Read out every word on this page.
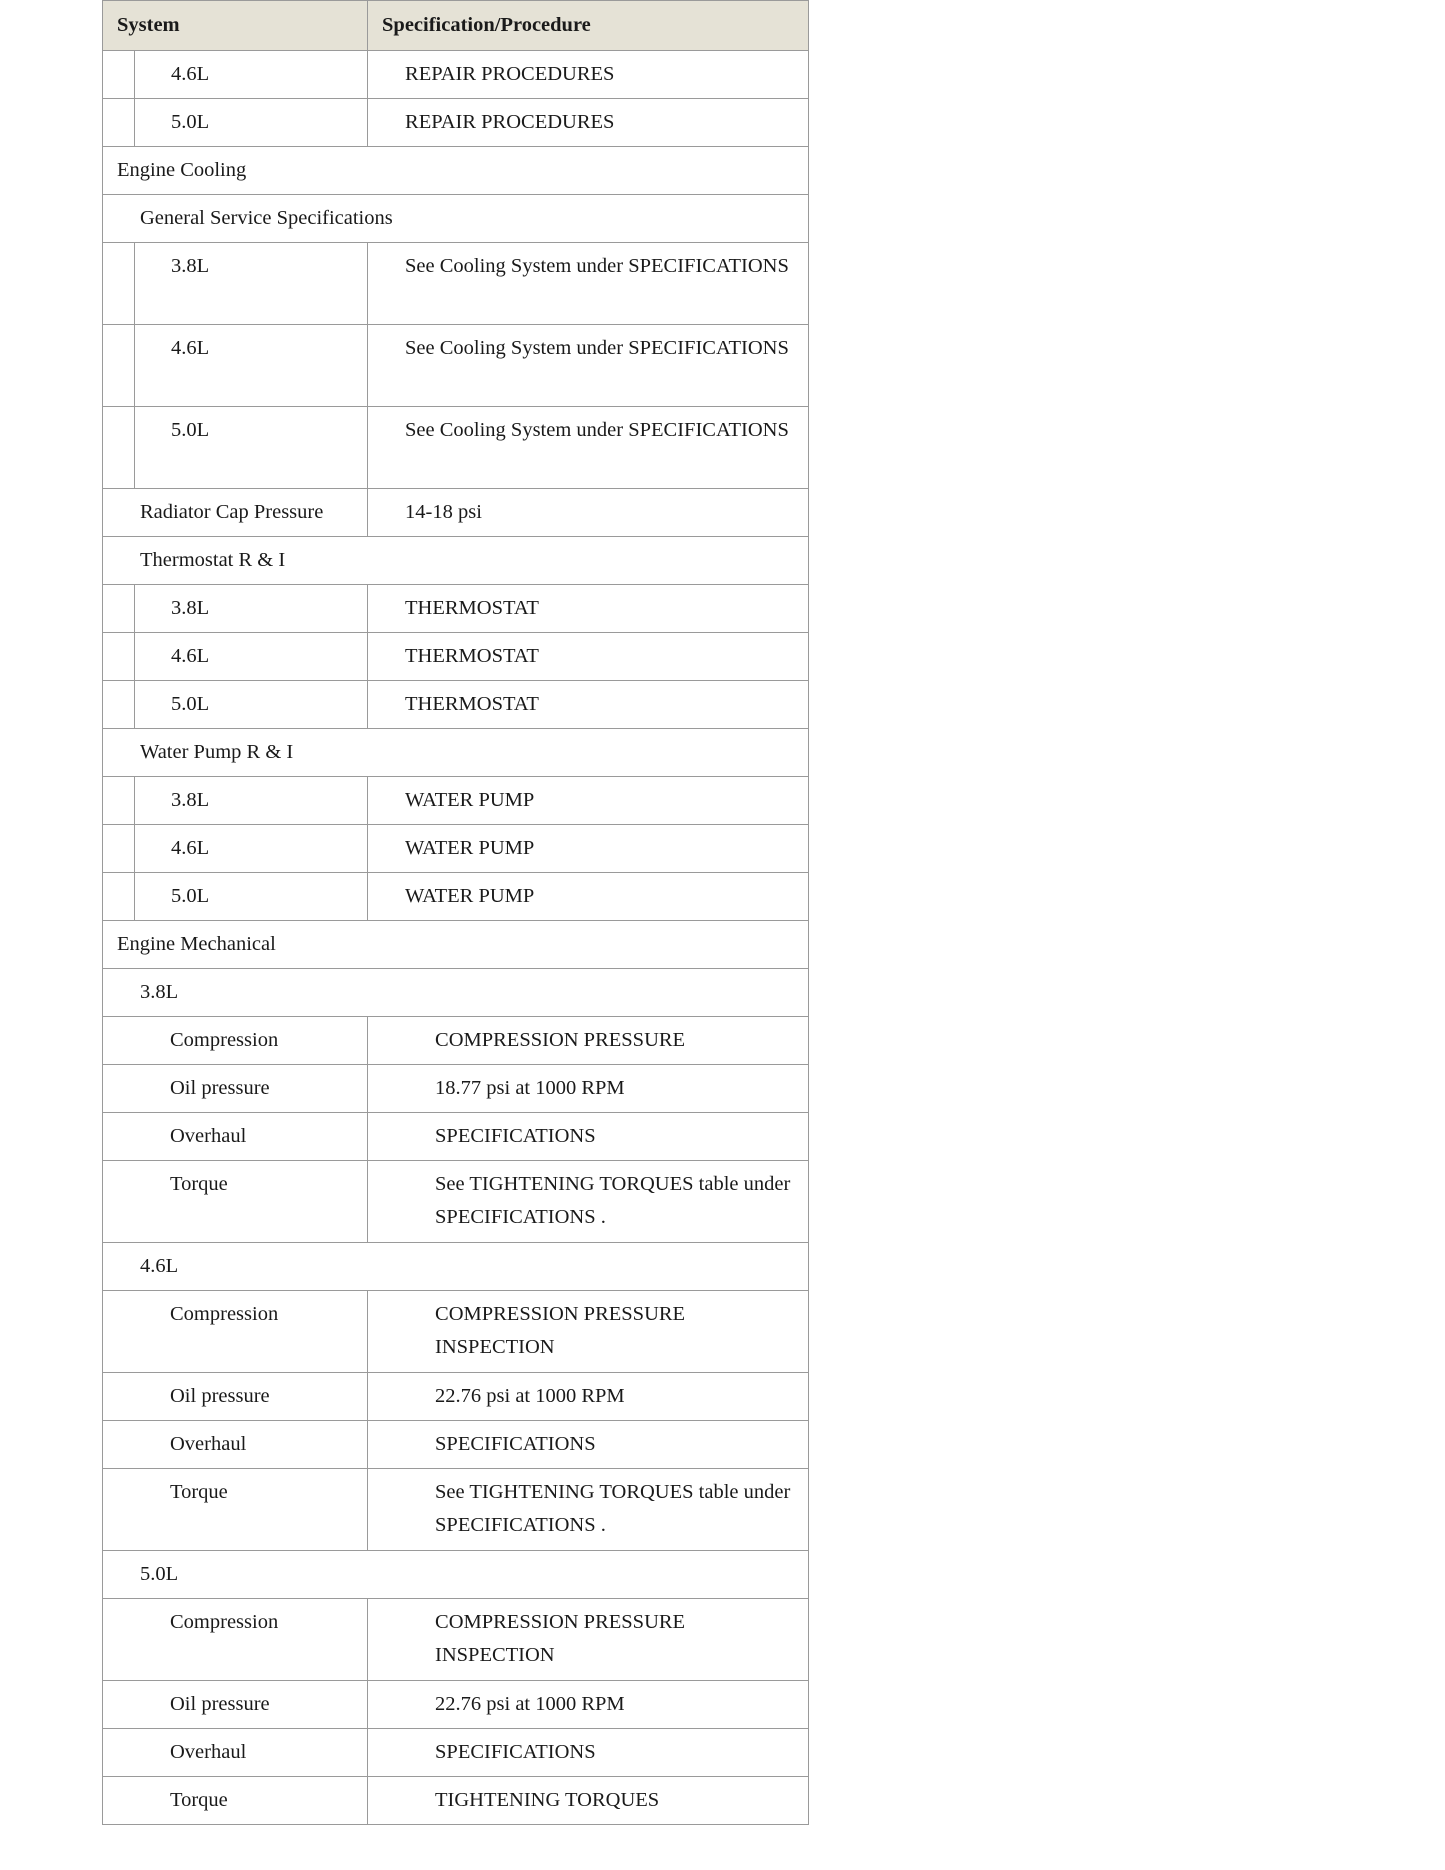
System		Specification/Procedure
	4.6L	REPAIR PROCEDURES
	5.0L	REPAIR PROCEDURES
Engine Cooling		
General Service Specifications		
	3.8L	See Cooling System under SPECIFICATIONS
	4.6L	See Cooling System under SPECIFICATIONS
	5.0L	See Cooling System under SPECIFICATIONS
Radiator Cap Pressure		14-18 psi
Thermostat R & I		
	3.8L	THERMOSTAT
	4.6L	THERMOSTAT
	5.0L	THERMOSTAT
Water Pump R & I		
	3.8L	WATER PUMP
	4.6L	WATER PUMP
	5.0L	WATER PUMP
Engine Mechanical		
3.8L		
Compression		COMPRESSION PRESSURE
Oil pressure		18.77 psi at 1000 RPM
Overhaul		SPECIFICATIONS
Torque		See TIGHTENING TORQUES table under SPECIFICATIONS .
4.6L		
Compression		COMPRESSION PRESSURE INSPECTION
Oil pressure		22.76 psi at 1000 RPM
Overhaul		SPECIFICATIONS
Torque		See TIGHTENING TORQUES table under SPECIFICATIONS .
5.0L		
Compression		COMPRESSION PRESSURE INSPECTION
Oil pressure		22.76 psi at 1000 RPM
Overhaul		SPECIFICATIONS
Torque		TIGHTENING TORQUES
